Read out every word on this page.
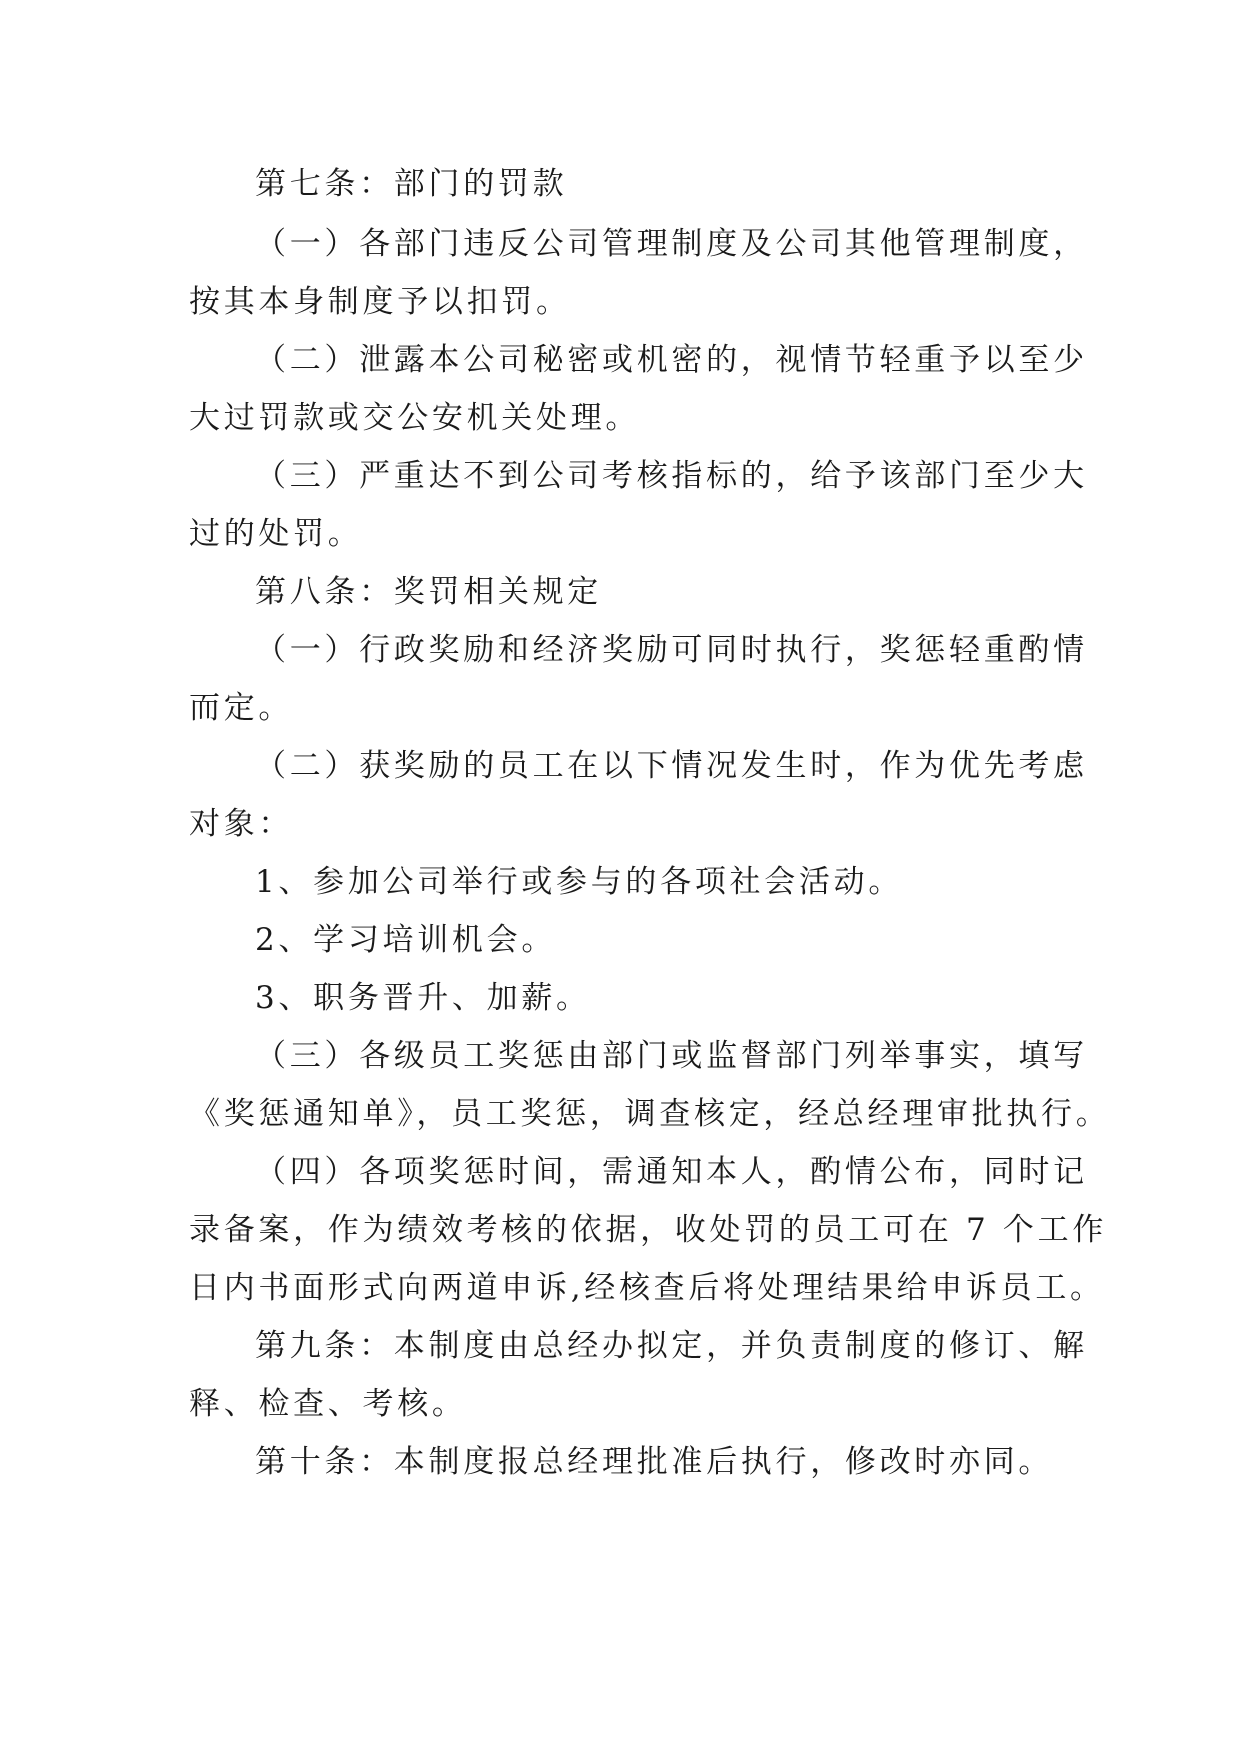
第七条：部门的罚款
（一）各部门违反公司管理制度及公司其他管理制度，
按其本身制度予以扣罚。
（二）泄露本公司秘密或机密的，视情节轻重予以至少
大过罚款或交公安机关处理。
（三）严重达不到公司考核指标的，给予该部门至少大
过的处罚。
第八条：奖罚相关规定
（一）行政奖励和经济奖励可同时执行，奖惩轻重酌情
而定。
（二）获奖励的员工在以下情况发生时，作为优先考虑
对象：
1、参加公司举行或参与的各项社会活动。
2、学习培训机会。
3、职务晋升、加薪。
（三）各级员工奖惩由部门或监督部门列举事实，填写
《奖惩通知单》，员工奖惩，调查核定，经总经理审批执行。
（四）各项奖惩时间，需通知本人，酌情公布，同时记
录备案，作为绩效考核的依据，收处罚的员工可在 7 个工作
日内书面形式向两道申诉,经核查后将处理结果给申诉员工。
第九条：本制度由总经办拟定，并负责制度的修订、解
释、检查、考核。
第十条：本制度报总经理批准后执行，修改时亦同。
